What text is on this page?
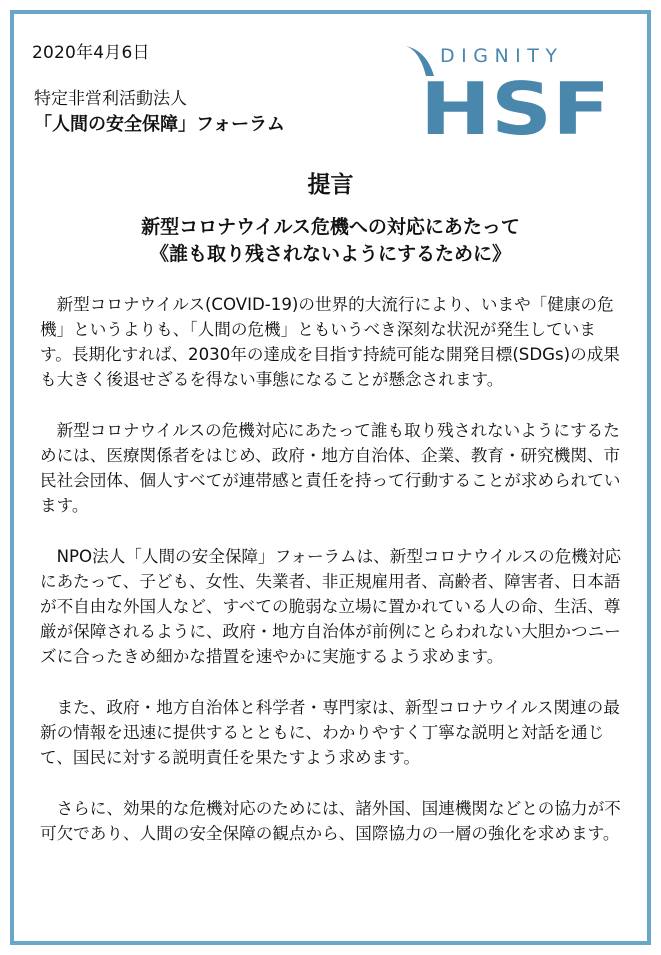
2020年4月6日
特定非営利活動法人
「人間の安全保障」フォーラム
DIGNITY
HSF
提言
新型コロナウイルス危機への対応にあたって
《誰も取り残されないようにするために》

新型コロナウイルス(COVID-19)の世界的大流行により、いまや「健康の危機」というよりも、「人間の危機」ともいうべき深刻な状況が発生しています。長期化すれば、2030年の達成を目指す持続可能な開発目標(SDGs)の成果も大きく後退せざるを得ない事態になることが懸念されます。

新型コロナウイルスの危機対応にあたって誰も取り残されないようにするためには、医療関係者をはじめ、政府・地方自治体、企業、教育・研究機関、市民社会団体、個人すべてが連帯感と責任を持って行動することが求められています。

NPO法人「人間の安全保障」フォーラムは、新型コロナウイルスの危機対応にあたって、子ども、女性、失業者、非正規雇用者、高齢者、障害者、日本語が不自由な外国人など、すべての脆弱な立場に置かれている人の命、生活、尊厳が保障されるように、政府・地方自治体が前例にとらわれない大胆かつニーズに合ったきめ細かな措置を速やかに実施するよう求めます。

また、政府・地方自治体と科学者・専門家は、新型コロナウイルス関連の最新の情報を迅速に提供するとともに、わかりやすく丁寧な説明と対話を通じて、国民に対する説明責任を果たすよう求めます。

さらに、効果的な危機対応のためには、諸外国、国連機関などとの協力が不可欠であり、人間の安全保障の観点から、国際協力の一層の強化を求めます。
